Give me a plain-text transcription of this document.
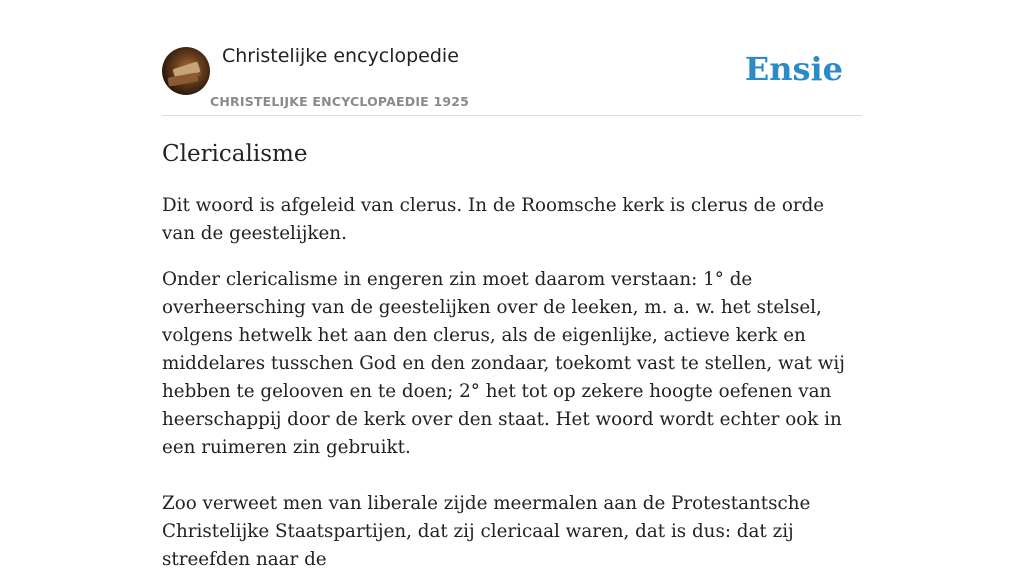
Christelijke encyclopedie
CHRISTELIJKE ENCYCLOPAEDIE 1925
Ensie
Clericalisme

Dit woord is afgeleid van clerus. In de Roomsche kerk is clerus de orde van de geestelijken.

Onder clericalisme in engeren zin moet daarom verstaan: 1° de overheersching van de geestelijken over de leeken, m. a. w. het stelsel, volgens hetwelk het aan den clerus, als de eigenlijke, actieve kerk en middelares tusschen God en den zondaar, toekomt vast te stellen, wat wij hebben te gelooven en te doen; 2° het tot op zekere hoogte oefenen van heerschappij door de kerk over den staat. Het woord wordt echter ook in een ruimeren zin gebruikt.

Zoo verweet men van liberale zijde meermalen aan de Protestantsche Christelijke Staatspartijen, dat zij clericaal waren, dat is dus: dat zij streefden naar de
